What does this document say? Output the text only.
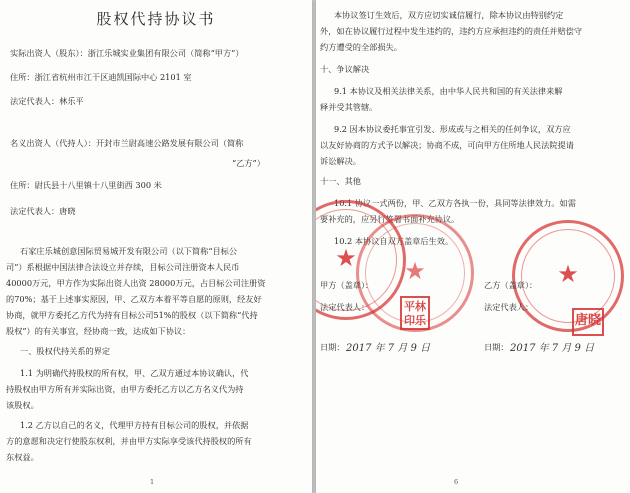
股权代持协议书
实际出资人（股东）：浙江乐城实业集团有限公司（简称“甲方”）
住所：浙江省杭州市江干区迪凯国际中心 2101 室
法定代表人：林乐平
名义出资人（代持人）：开封市兰尉高速公路发展有限公司（简称
“乙方”）
住所：尉氏县十八里镇十八里街西 300 米
法定代表人：唐晓
石家庄乐城创意国际贸易城开发有限公司（以下简称“目标公
司”）系根据中国法律合法设立并存续，目标公司注册资本人民币
40000万元，甲方作为实际出资人出资 28000万元，占目标公司注册资
的70%；基于上述事实原因，甲、乙双方本着平等自愿的原则，经友好
协商，就甲方委托乙方代为持有目标公司51%的股权（以下简称“代持
股权”）的有关事宜，经协商一致，达成如下协议：
一、股权代持关系的界定
1.1 为明确代持股权的所有权，甲、乙双方通过本协议确认，代
持股权由甲方所有并实际出资，由甲方委托乙方以乙方名义代为持
该股权。
1.2 乙方以自己的名义，代理甲方持有目标公司的股权，并依据
方的意愿和决定行使股东权利，并由甲方实际享受该代持股权的所有
东权益。
1
本协议签订生效后，双方应切实诚信履行，除本协议由特别约定
外，如在协议履行过程中发生违约的，违约方应承担违约的责任并赔偿守
约方遭受的全部损失。
十、争议解决
9.1 本协议及相关法律关系，由中华人民共和国的有关法律来解
释并受其管辖。
9.2 因本协议委托事宜引发、形成或与之相关的任何争议，双方应
以友好协商的方式予以解决；协商不成，可向甲方住所地人民法院提请
诉讼解决。
十一、其他
10.1 协议一式两份，甲、乙双方各执一份，具同等法律效力。如需
要补充的，应另行签署书面补充协议。
10.2 本协议自双方盖章后生效。
★ ★	★
甲方（盖章）：	乙方（盖章）：
法定代表人：	法定代表人：
平林印乐	唐晓
日期： 2017 年 7 月 9 日	日期： 2017 年 7 月 9 日
6
